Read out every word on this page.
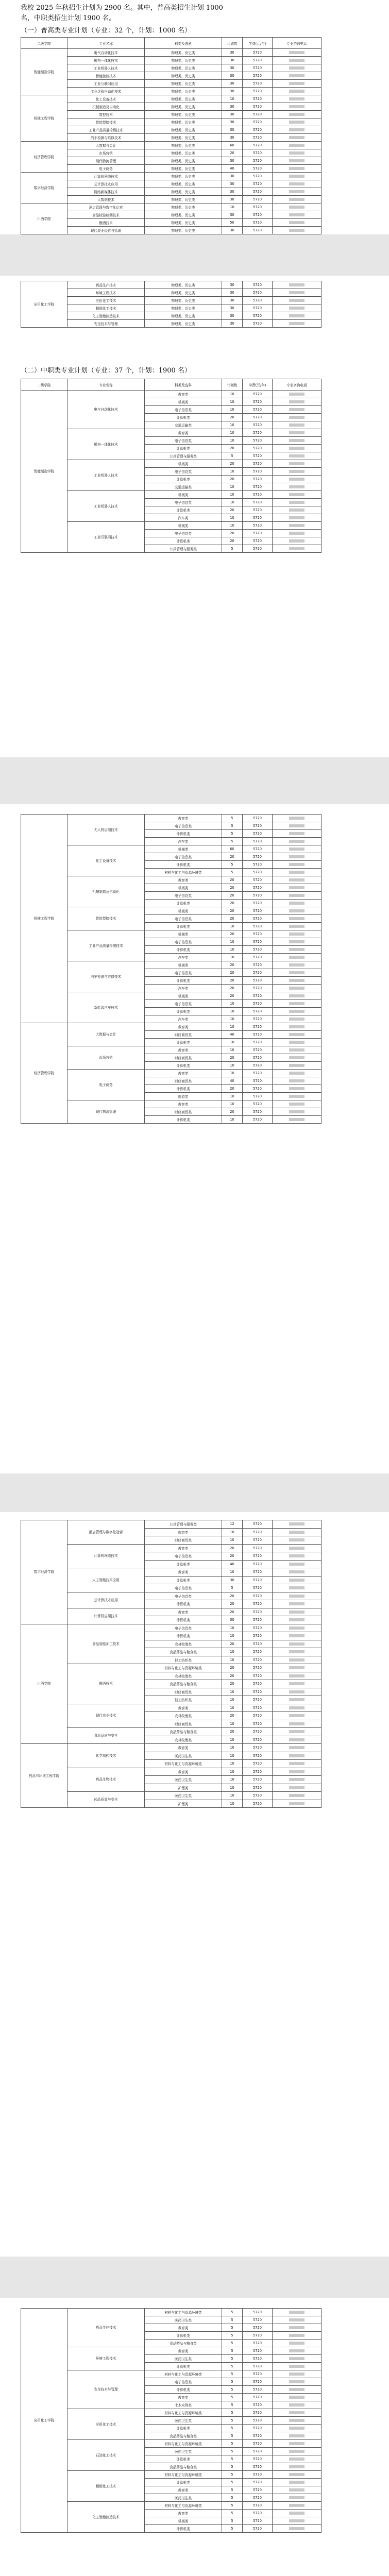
我校 2025 年秋招生计划为 2900 名。其中，普高类招生计划 1000

名，中职类招生计划 1900 名。

（一）普高类专业计划（专业：32 个，计划：1000 名）
二级学院	专业名称	科类及选科	计划数	学费(元/年)	专业咨询电话
智能制造学院	电气自动化技术	物理类、历史类	30	5720	
	机电一体化技术	物理类、历史类	30	5720	
	工业机器人技术	物理类、历史类	30	5720	
	智能控制技术	物理类、历史类	30	5720	
	工业互联网应用	物理类、历史类	30	5720	
	工业过程自动化技术	物理类、历史类	30	5720	
机械工程学院	化工设备技术	物理类、历史类	10	5720	
	机械制造及自动化	物理类、历史类	30	5720	
	数控技术	物理类、历史类	30	5720	
	智能焊接技术	物理类、历史类	30	5720	
	工业产品质量检测技术	物理类、历史类	30	5720	
	汽车检测与维修技术	物理类、历史类	30	5720	
经济管理学院	大数据与会计	物理类、历史类	60	5720	
	市场营销	物理类、历史类	20	5720	
	现代物流管理	物理类、历史类	30	5720	
	电子商务	物理类、历史类	40	5720	
数字经济学院	计算机网络技术	物理类、历史类	30	5720	
	云计算技术应用	物理类、历史类	30	5720	
	网络新媒体技术	物理类、历史类	30	5720	
	大数据技术	物理类、历史类	30	5720	
川酒学院	酒店管理与数字化运营	物理类、历史类	10	5720	
	食品检验检测技术	物理类、历史类	30	5720	
	酿酒技术	物理类、历史类	50	5720	
	现代农业经营与管理	物理类、历史类	30	5720	

应用化工学院	药品生产技术	物理类、历史类	30	5720	
	环境工程技术	物理类、历史类	30	5720	
	应用化工技术	物理类、历史类	30	5720	
	精细化工技术	物理类、历史类	30	5720	
	化工智能制造技术	物理类、历史类	30	5720	
	安全技术与管理	物理类、历史类	30	5720	
（二）中职类专业计划（专业：37 个，计划：1900 名）
二级学院	专业名称	科类及选科	计划数	学费(元/年)	专业咨询电话
智能制造学院	电气自动化技术	教育类	10	5720	
		机械类	10	5720	
		电子信息类	10	5720	
		计算机类	20	5720	
		交通运输类	10	5720	
	机电一体化技术	教育类	10	5720	
		电子信息类	10	5720	
		计算机类	20	5720	
		公共管理与服务类	5	5720	
	工业机器人技术	机械类	20	5720	
		电子信息类	10	5720	
		计算机类	20	5720	
		交通运输类	10	5720	
	工业机器人技术	机械类	10	5720	
		电子信息类	10	5720	
		计算机类	20	5720	
		汽车类	10	5720	
	工业互联网技术	机械类	10	5720	
		电子信息类	20	5720	
		计算机类	20	5720	
		公共管理与服务类	5	5720	
机械工程学院	无人机应用技术	教育类	5	5720	
		电子信息类	5	5720	
		计算机类	5	5720	
		汽车类	5	5720	
	化工设备技术	机械类	60	5720	
		电子信息类	20	5720	
		计算机类	5	5720	
		材料与化工与资源环境类	5	5720	
	机械制造及自动化	教育类	20	5720	
		机械类	20	5720	
		电子信息类	20	5720	
		计算机类	20	5720	
	智能焊接技术	机械类	20	5720	
		电子信息类	20	5720	
		计算机类	10	5720	
	工业产品质量检测技术	机械类	20	5720	
		电子信息类	10	5720	
		计算机类	10	5720	
		汽车类	10	5720	
	汽车检测与维修技术	机械类	20	5720	
		电子信息类	20	5720	
		计算机类	20	5720	
		汽车类	20	5720	
	新能源汽车技术	机械类	20	5720	
		电子信息类	10	5720	
		计算机类	10	5720	
		汽车类	10	5720	
经济管理学院	大数据与会计	教育类	10	5720	
		财经商贸类	40	5720	
		计算机类	10	5720	
	市场营销	教育类	10	5720	
		财经商贸类	20	5720	
		计算机类	10	5720	
	电子商务	教育类	10	5720	
		财经商贸类	40	5720	
		计算机类	20	5720	
		旅游类	10	5720	
	现代物流管理	教育类	10	5720	
		财经商贸类	20	5720	
		计算机类	10	5720	
数字经济学院	酒店管理与数字化运营	公共管理与服务类	12	5720	
		旅游类	10	5720	
		财经商贸类	10	5720	
	计算机网络技术	教育类	20	5720	
		电子信息类	20	5720	
		计算机类	40	5720	
	人工智能技术应用	教育类	10	5720	
		计算机类	30	5720	
		电子信息类	5	5720	
	云计算技术应用	电子信息类	20	5720	
		计算机类	20	5720	
	计算机应用技术	教育类	20	5720	
		计算机类	30	5720	
川酒学院	食品智能加工技术	电子信息类	10	5720	
		计算机类	10	5720	
		农林牧渔类	20	5720	
		食品药品与粮食类	10	5720	
		轻工纺织类	10	5720	
	酿酒技术	材料与化工与资源环境类	20	5720	
		农林牧渔类	20	5720	
		食品药品与粮食类	20	5720	
		财经商贸类	10	5720	
		轻工纺织类	10	5720	
	现代农业技术	教育类	10	5720	
		农林牧渔类	20	5720	
		财经商贸类	10	5720	
	食品品质与安全	食品药品与粮食类	20	5720	
		农林牧渔类	10	5720	
药品与环境工程学院	化学制药技术	教育类	10	5720	
		医药卫生类	10	5720	
		材料与化工与资源环境类	10	5720	
	药品生物技术	教育类	10	5720	
		医药卫生类	10	5720	
		护理类	10	5720	
	药品质量与安全	医药卫生类	10	5720	
		护理类	10	5720	
应用化工学院	药品生产技术	材料与化工与资源环境类	5	5720	
		医药卫生类	5	5720	
		教育类	5	5720	
		计算机类	5	5720	
		食品药品与粮食类	5	5720	
	环境工程技术	教育类	5	5720	
		医药卫生类	5	5720	
		计算机类	5	5720	
	安全技术与管理	材料与化工与资源环境类	5	5720	
		电子信息类	5	5720	
		计算机类	5	5720	
		教育类	5	5720	
		土木水利类	5	5720	
	应用化工技术	材料与化工与资源环境类	5	5720	
		医药卫生类	5	5720	
		计算机类	5	5720	
		食品药品与粮食类	5	5720	
	石油化工技术	材料与化工与资源环境类	5	5720	
		医药卫生类	5	5720	
		计算机类	5	5720	
		食品药品与粮食类	5	5720	
	精细化工技术	材料与化工与资源环境类	5	5720	
		计算机类	5	5720	
		教育类	5	5720	
		医药卫生类	5	5720	
	化工智能制造技术	材料与化工与资源环境类	5	5720	
		教育类	5	5720	
		机械类	5	5720	
		计算机类	5	5720	
